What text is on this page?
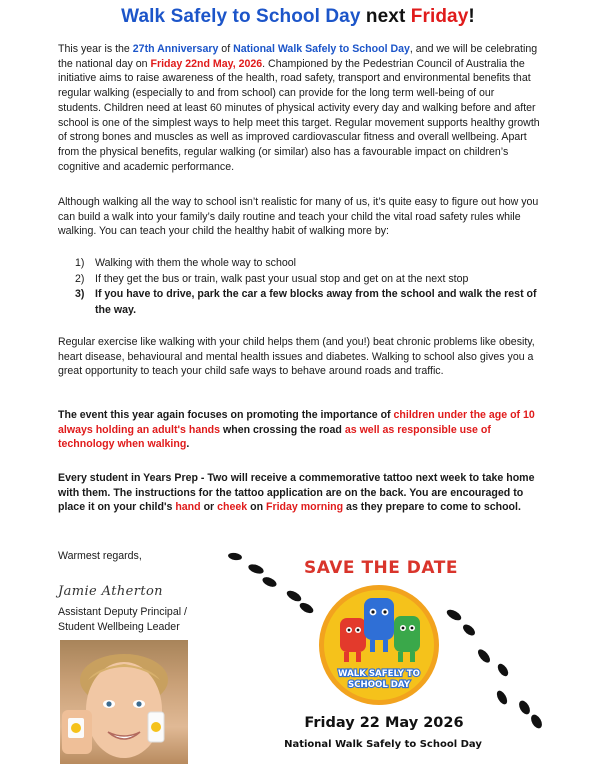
Walk Safely to School Day next Friday!

This year is the 27th Anniversary of National Walk Safely to School Day, and we will be celebrating the national day on Friday 22nd May, 2026. Championed by the Pedestrian Council of Australia the initiative aims to raise awareness of the health, road safety, transport and environmental benefits that regular walking (especially to and from school) can provide for the long term well-being of our students. Children need at least 60 minutes of physical activity every day and walking before and after school is one of the simplest ways to help meet this target. Regular movement supports healthy growth of strong bones and muscles as well as improved cardiovascular fitness and overall wellbeing. Apart from the physical benefits, regular walking (or similar) also has a favourable impact on children’s cognitive and academic performance.

Although walking all the way to school isn’t realistic for many of us, it’s quite easy to figure out how you can build a walk into your family’s daily routine and teach your child the vital road safety rules while walking. You can teach your child the healthy habit of walking more by:

1) Walking with them the whole way to school
2) If they get the bus or train, walk past your usual stop and get on at the next stop
3) If you have to drive, park the car a few blocks away from the school and walk the rest of the way.

Regular exercise like walking with your child helps them (and you!) beat chronic problems like obesity, heart disease, behavioural and mental health issues and diabetes. Walking to school also gives you a great opportunity to teach your child safe ways to behave around roads and traffic.

The event this year again focuses on promoting the importance of children under the age of 10 always holding an adult's hands when crossing the road as well as responsible use of technology when walking.

Every student in Years Prep - Two will receive a commemorative tattoo next week to take home with them. The instructions for the tattoo application are on the back. You are encouraged to place it on your child's hand or cheek on Friday morning as they prepare to come to school.

Warmest regards,

Jamie Atherton
Assistant Deputy Principal /
Student Wellbeing Leader
SAVE THE DATE
WALK SAFELY TO
SCHOOL DAY
Friday 22 May 2026
National Walk Safely to School Day
